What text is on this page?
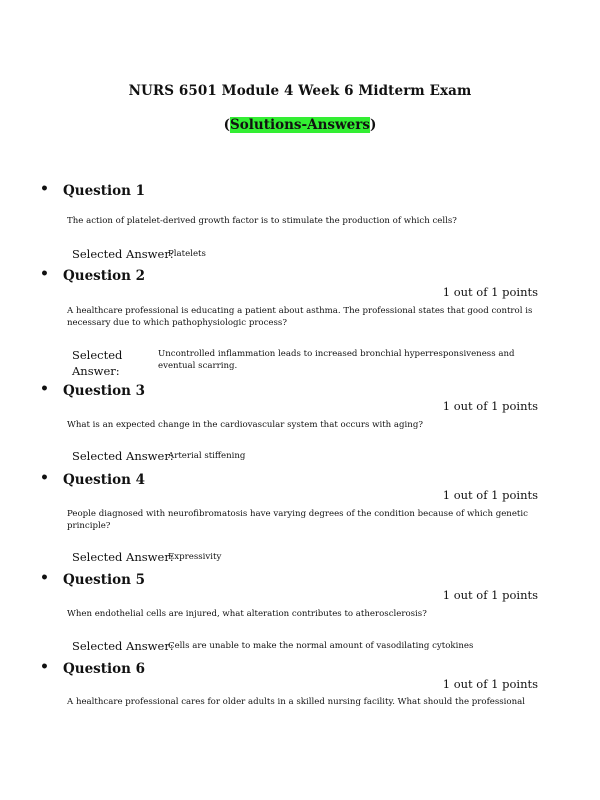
NURS 6501 Module 4 Week 6 Midterm Exam
(Solutions-Answers)
• Question 1
The action of platelet-derived growth factor is to stimulate the production of which cells?
Selected Answer:
Platelets
• Question 2
1 out of 1 points
A healthcare professional is educating a patient about asthma. The professional states that good control is necessary due to which pathophysiologic process?
Selected Answer:
Uncontrolled inflammation leads to increased bronchial hyperresponsiveness and eventual scarring.
• Question 3
1 out of 1 points
What is an expected change in the cardiovascular system that occurs with aging?
Selected Answer:
Arterial stiffening
• Question 4
1 out of 1 points
People diagnosed with neurofibromatosis have varying degrees of the condition because of which genetic principle?
Selected Answer:
Expressivity
• Question 5
1 out of 1 points
When endothelial cells are injured, what alteration contributes to atherosclerosis?
Selected Answer:
Cells are unable to make the normal amount of vasodilating cytokines
• Question 6
1 out of 1 points
A healthcare professional cares for older adults in a skilled nursing facility. What should the professional
